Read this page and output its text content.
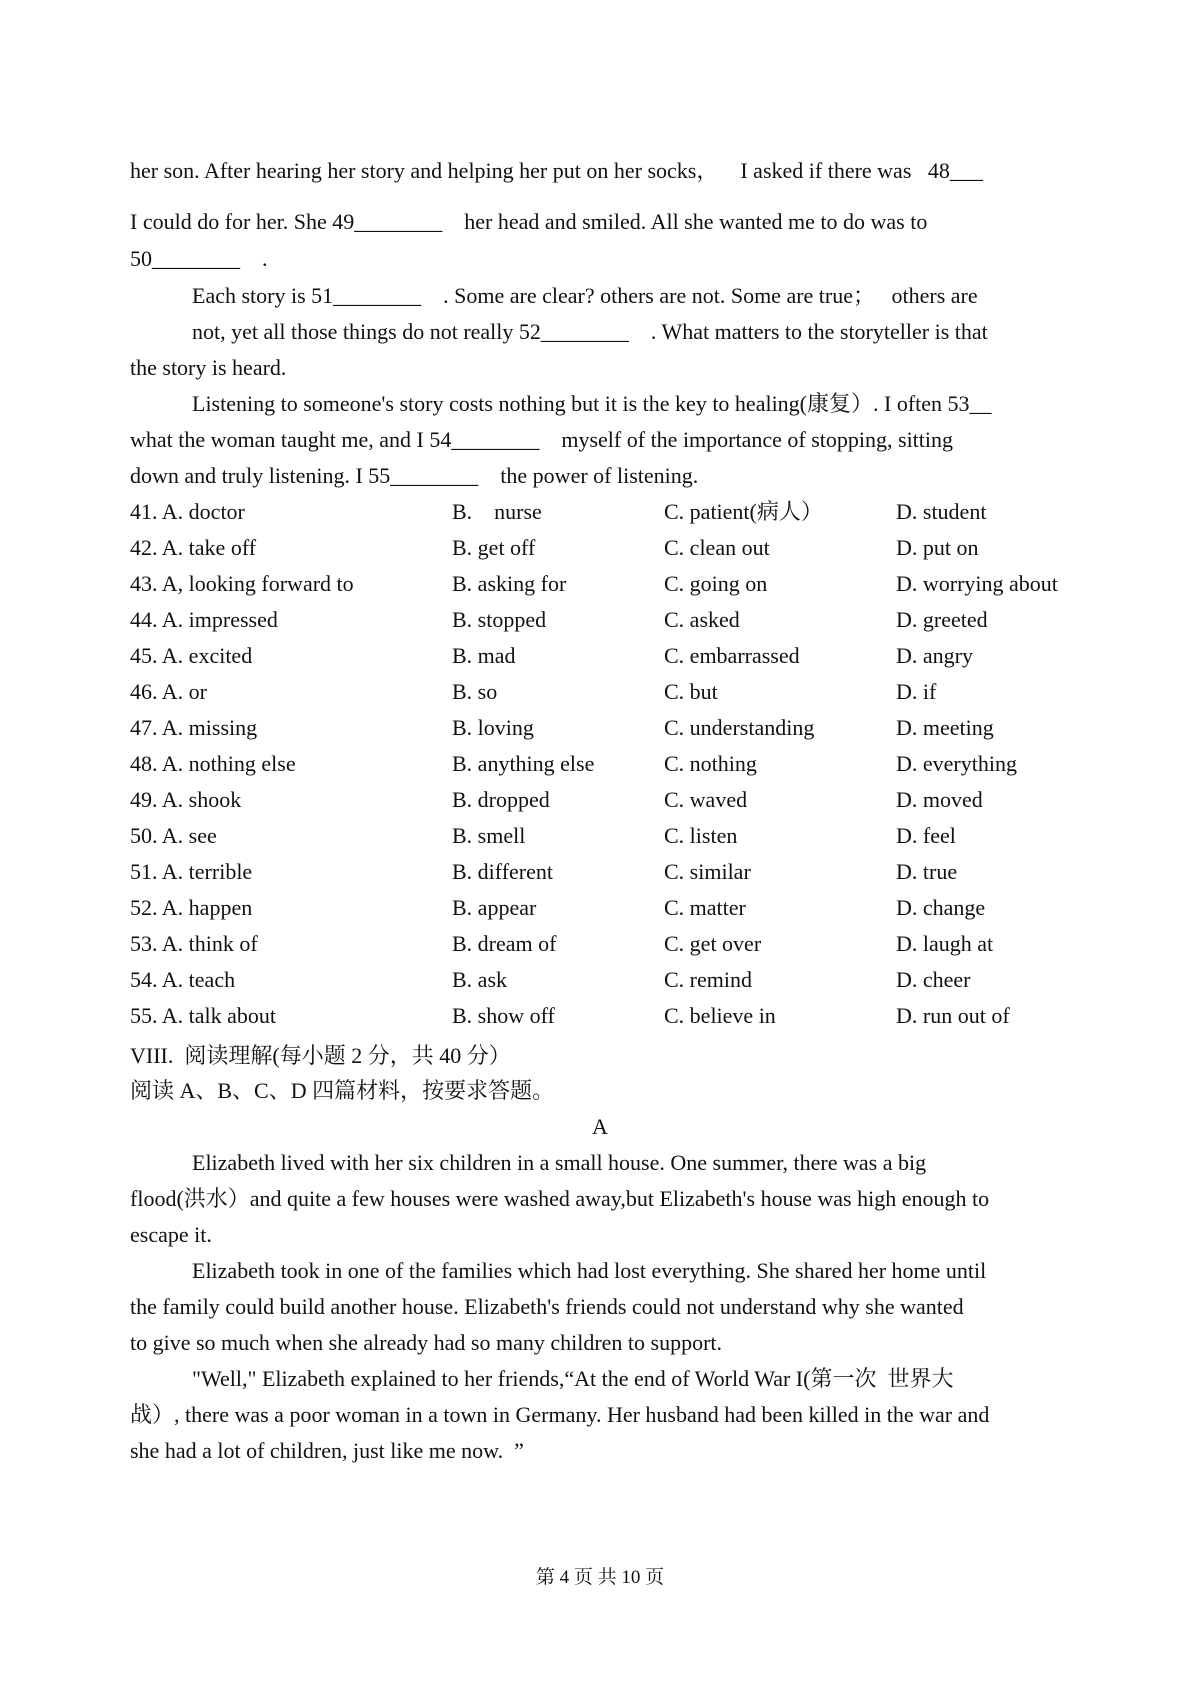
her son. After hearing her story and helping her put on her socks，    I asked if there was   48___
I could do for her. She 49________    her head and smiled. All she wanted me to do was to
50________    .
Each story is 51________    . Some are clear? others are not. Some are true；   others are
not, yet all those things do not really 52________    . What matters to the storyteller is that
the story is heard.
Listening to someone's story costs nothing but it is the key to healing(康复）. I often 53__
what the woman taught me, and I 54________    myself of the importance of stopping, sitting
down and truly listening. I 55________    the power of listening.
41. A. doctor	B.    nurse	C. patient(病人）	D. student
42. A. take off	B. get off	C. clean out	D. put on
43. A, looking forward to	B. asking for	C. going on	D. worrying about
44. A. impressed	B. stopped	C. asked	D. greeted
45. A. excited	B. mad	C. embarrassed	D. angry
46. A. or	B. so	C. but	D. if
47. A. missing	B. loving	C. understanding	D. meeting
48. A. nothing else	B. anything else	C. nothing	D. everything
49. A. shook	B. dropped	C. waved	D. moved
50. A. see	B. smell	C. listen	D. feel
51. A. terrible	B. different	C. similar	D. true
52. A. happen	B. appear	C. matter	D. change
53. A. think of	B. dream of	C. get over	D. laugh at
54. A. teach	B. ask	C. remind	D. cheer
55. A. talk about	B. show off	C. believe in	D. run out of
VIII.  阅读理解(每小题 2 分，共 40 分）
阅读 A、B、C、D 四篇材料，按要求答题。
A
Elizabeth lived with her six children in a small house. One summer, there was a big
flood(洪水）and quite a few houses were washed away,but Elizabeth's house was high enough to
escape it.
Elizabeth took in one of the families which had lost everything. She shared her home until
the family could build another house. Elizabeth's friends could not understand why she wanted
to give so much when she already had so many children to support.
"Well," Elizabeth explained to her friends,“At the end of World War I(第一次  世界大
战）, there was a poor woman in a town in Germany. Her husband had been killed in the war and
she had a lot of children, just like me now.  ”
第 4 页 共 10 页
